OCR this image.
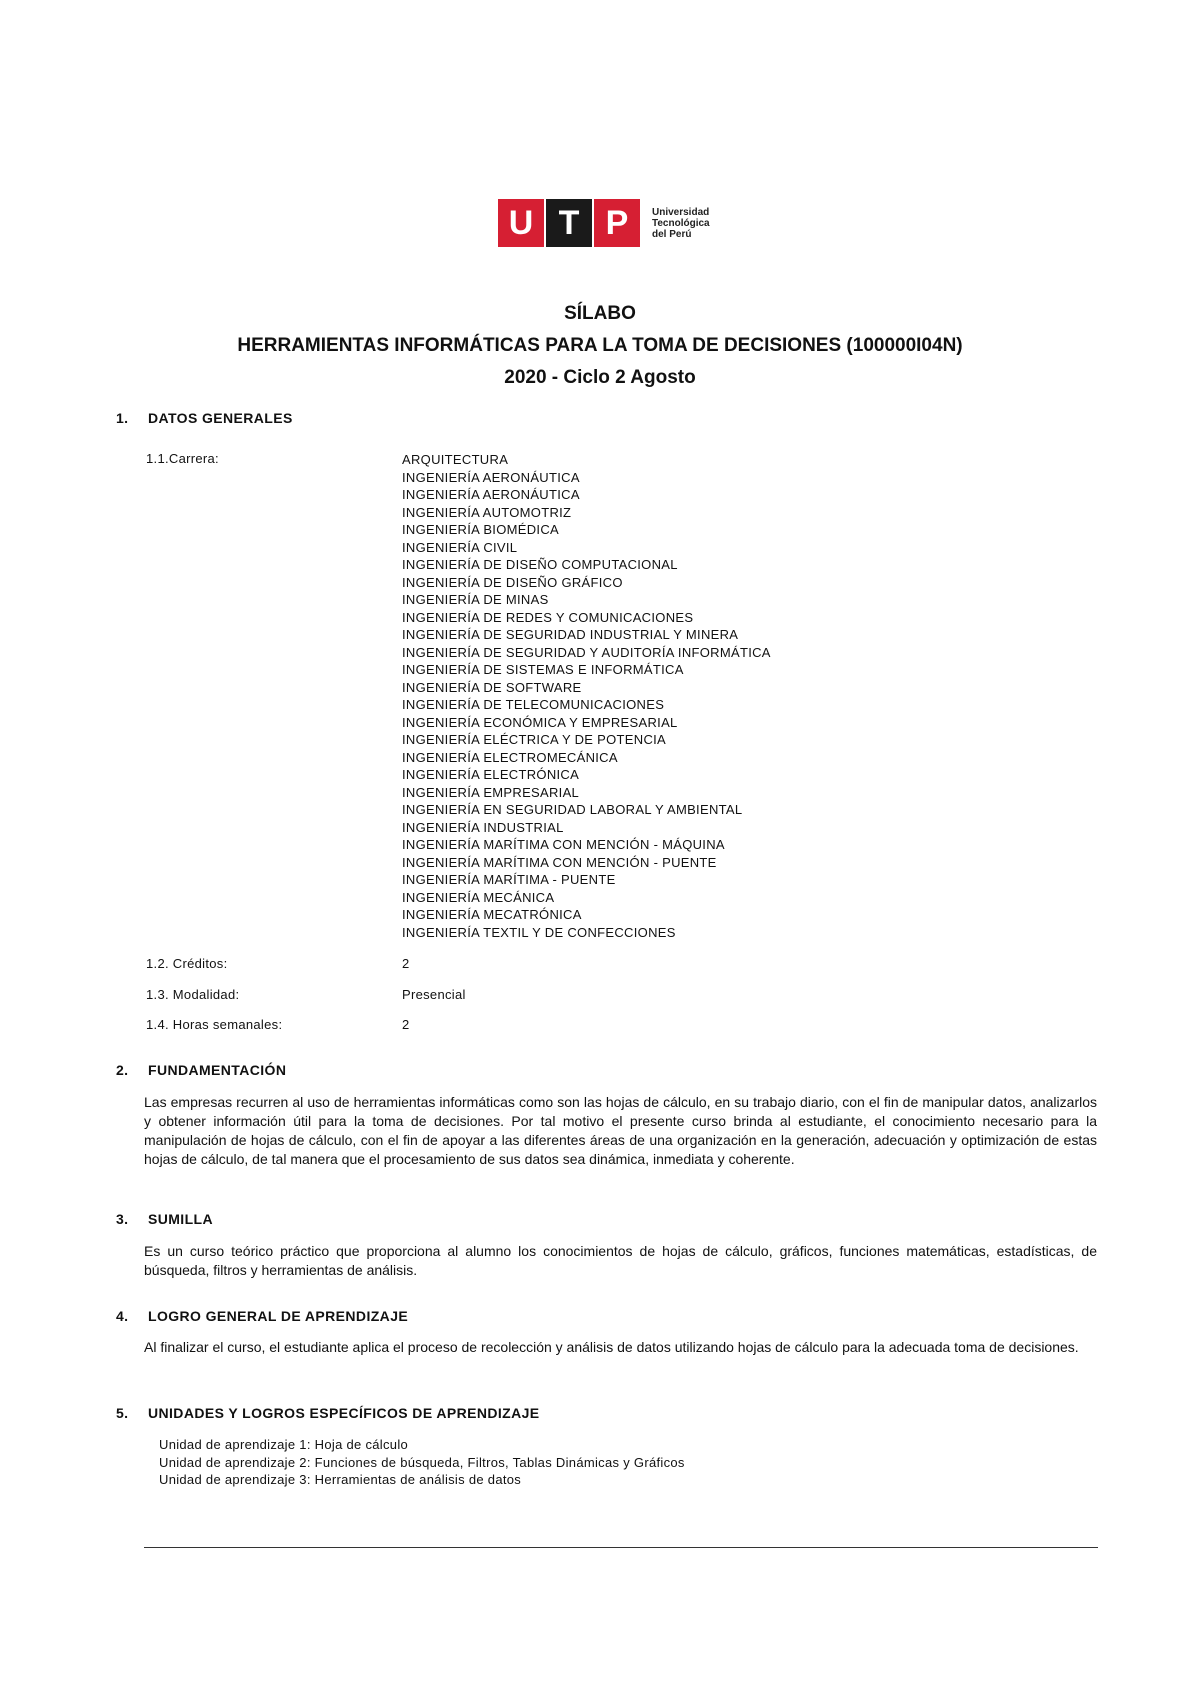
U T P	Universidad
Tecnológica
del Perú
SÍLABO
HERRAMIENTAS INFORMÁTICAS PARA LA TOMA DE DECISIONES (100000I04N)
2020 - Ciclo 2 Agosto
1. DATOS GENERALES
1.1.Carrera:	ARQUITECTURA
INGENIERÍA AERONÁUTICA
INGENIERÍA AERONÁUTICA
INGENIERÍA AUTOMOTRIZ
INGENIERÍA BIOMÉDICA
INGENIERÍA CIVIL
INGENIERÍA DE DISEÑO COMPUTACIONAL
INGENIERÍA DE DISEÑO GRÁFICO
INGENIERÍA DE MINAS
INGENIERÍA DE REDES Y COMUNICACIONES
INGENIERÍA DE SEGURIDAD INDUSTRIAL Y MINERA
INGENIERÍA DE SEGURIDAD Y AUDITORÍA INFORMÁTICA
INGENIERÍA DE SISTEMAS E INFORMÁTICA
INGENIERÍA DE SOFTWARE
INGENIERÍA DE TELECOMUNICACIONES
INGENIERÍA ECONÓMICA Y EMPRESARIAL
INGENIERÍA ELÉCTRICA Y DE POTENCIA
INGENIERÍA ELECTROMECÁNICA
INGENIERÍA ELECTRÓNICA
INGENIERÍA EMPRESARIAL
INGENIERÍA EN SEGURIDAD LABORAL Y AMBIENTAL
INGENIERÍA INDUSTRIAL
INGENIERÍA MARÍTIMA CON MENCIÓN - MÁQUINA
INGENIERÍA MARÍTIMA CON MENCIÓN - PUENTE
INGENIERÍA MARÍTIMA - PUENTE
INGENIERÍA MECÁNICA
INGENIERÍA MECATRÓNICA
INGENIERÍA TEXTIL Y DE CONFECCIONES
1.2. Créditos:	2
1.3. Modalidad:	Presencial
1.4. Horas semanales:	2
2. FUNDAMENTACIÓN
Las empresas recurren al uso de herramientas informáticas como son las hojas de cálculo, en su trabajo diario, con el fin de manipular datos, analizarlos y obtener información útil para la toma de decisiones. Por tal motivo el presente curso brinda al estudiante, el conocimiento necesario para la manipulación de hojas de cálculo, con el fin de apoyar a las diferentes áreas de una organización en la generación, adecuación y optimización de estas hojas de cálculo, de tal manera que el procesamiento de sus datos sea dinámica, inmediata y coherente.
3. SUMILLA
Es un curso teórico práctico que proporciona al alumno los conocimientos de hojas de cálculo, gráficos, funciones matemáticas, estadísticas, de búsqueda, filtros y herramientas de análisis.
4. LOGRO GENERAL DE APRENDIZAJE
Al finalizar el curso, el estudiante aplica el proceso de recolección y análisis de datos utilizando hojas de cálculo para la adecuada toma de decisiones.
5. UNIDADES Y LOGROS ESPECÍFICOS DE APRENDIZAJE
Unidad de aprendizaje 1: Hoja de cálculo
Unidad de aprendizaje 2: Funciones de búsqueda, Filtros, Tablas Dinámicas y Gráficos
Unidad de aprendizaje 3: Herramientas de análisis de datos
